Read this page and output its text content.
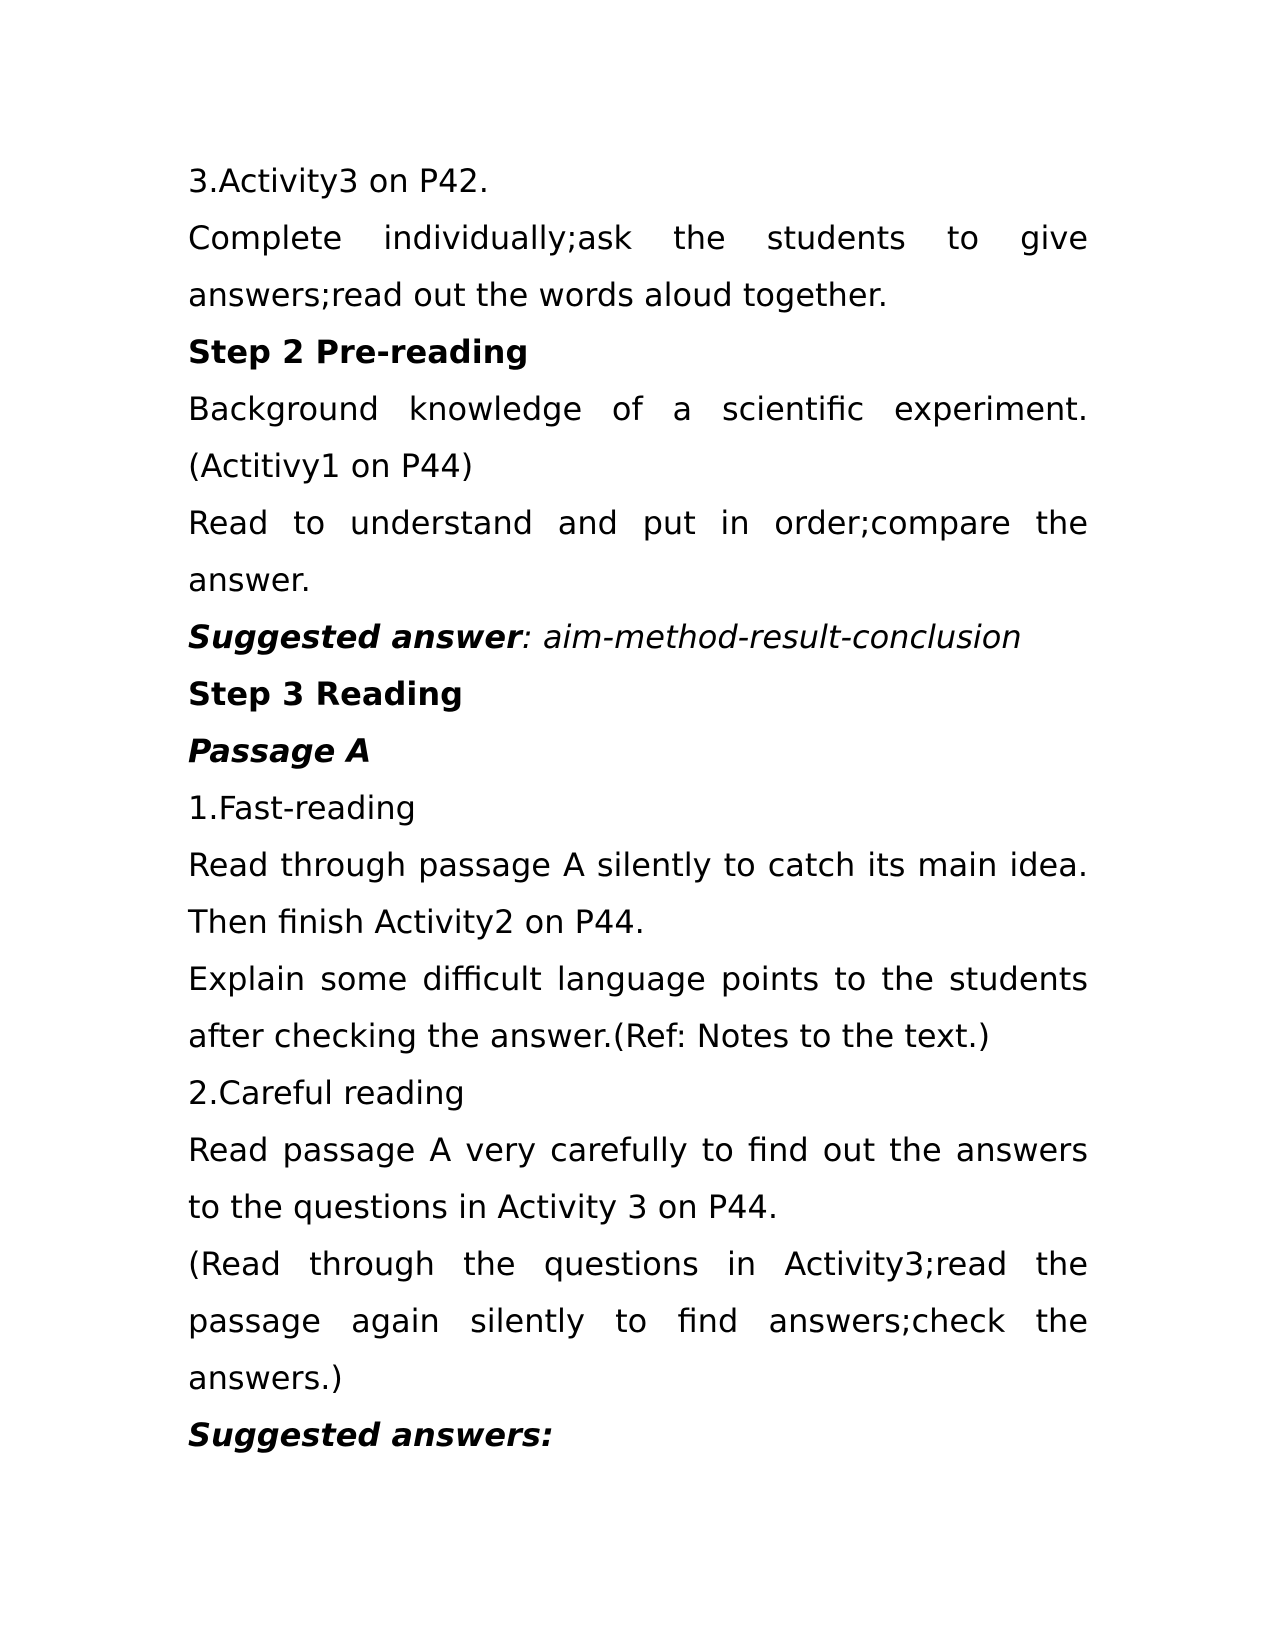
3.Activity3 on P42.

Complete individually;ask the students to give answers;read out the words aloud together.

Step 2 Pre-reading

Background knowledge of a scientific experiment.(Actitivy1 on P44)

Read to understand and put in order;compare the answer.

Suggested answer: aim-method-result-conclusion

Step 3 Reading

Passage A

1.Fast-reading

Read through passage A silently to catch its main idea. Then finish Activity2 on P44.

Explain some difficult language points to the students after checking the answer.(Ref: Notes to the text.)

2.Careful reading

Read passage A very carefully to find out the answers to the questions in Activity 3 on P44.

(Read through the questions in Activity3;read the passage again silently to find answers;check the answers.)

Suggested answers:
